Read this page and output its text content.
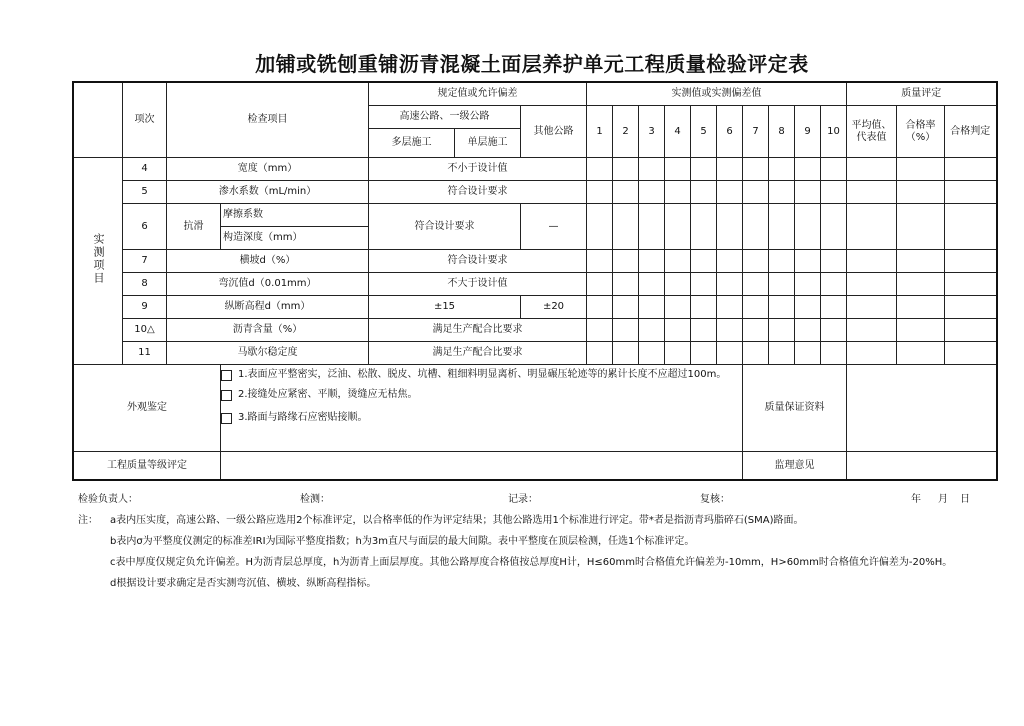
加铺或铣刨重铺沥青混凝土面层养护单元工程质量检验评定表
	项次	检查项目		规定值或允许偏差			实测值或实测偏差值										质量评定		
				高速公路、一级公路		其他公路	1	2	3	4	5	6	7	8	9	10	平均值、代表值	合格率（%）	合格判定
				多层施工	单层施工														

实测项目	4	宽度（mm）		不小于设计值															
	5	渗水系数（mL/min）		符合设计要求															
	6	抗滑	摩擦系数	符合设计要求		—													
			构造深度（mm）																
	7	横坡d（%）		符合设计要求															
	8	弯沉值d（0.01mm）		不大于设计值															
	9	纵断高程d（mm）		±15		±20													
	10△	沥青含量（%）		满足生产配合比要求															
	11	马歇尔稳定度		满足生产配合比要求															
外观鉴定			1.表面应平整密实，泛油、松散、脱皮、坑槽、粗细料明显离析、明显碾压轮迹等的累计长度不应超过100m。
2.接缝处应紧密、平顺，烫缝应无枯焦。
3.路面与路缘石应密贴接顺。										质量保证资料						
工程质量等级评定													监理意见						
检验负责人：	检测：	记录：	复核：	年 月 日
注： a表内压实度，高速公路、一级公路应选用2个标准评定，以合格率低的作为评定结果；其他公路选用1个标准进行评定。带*者是指沥青玛脂碎石(SMA)路面。
b表内σ为平整度仪测定的标准差IRI为国际平整度指数；h为3m直尺与面层的最大间隙。表中平整度在顶层检测，任选1个标准评定。
c表中厚度仅规定负允许偏差。H为沥青层总厚度，h为沥青上面层厚度。其他公路厚度合格值按总厚度H计，H≤60mm时合格值允许偏差为-10mm，H>60mm时合格值允许偏差为-20%H。
d根据设计要求确定是否实测弯沉值、横坡、纵断高程指标。
